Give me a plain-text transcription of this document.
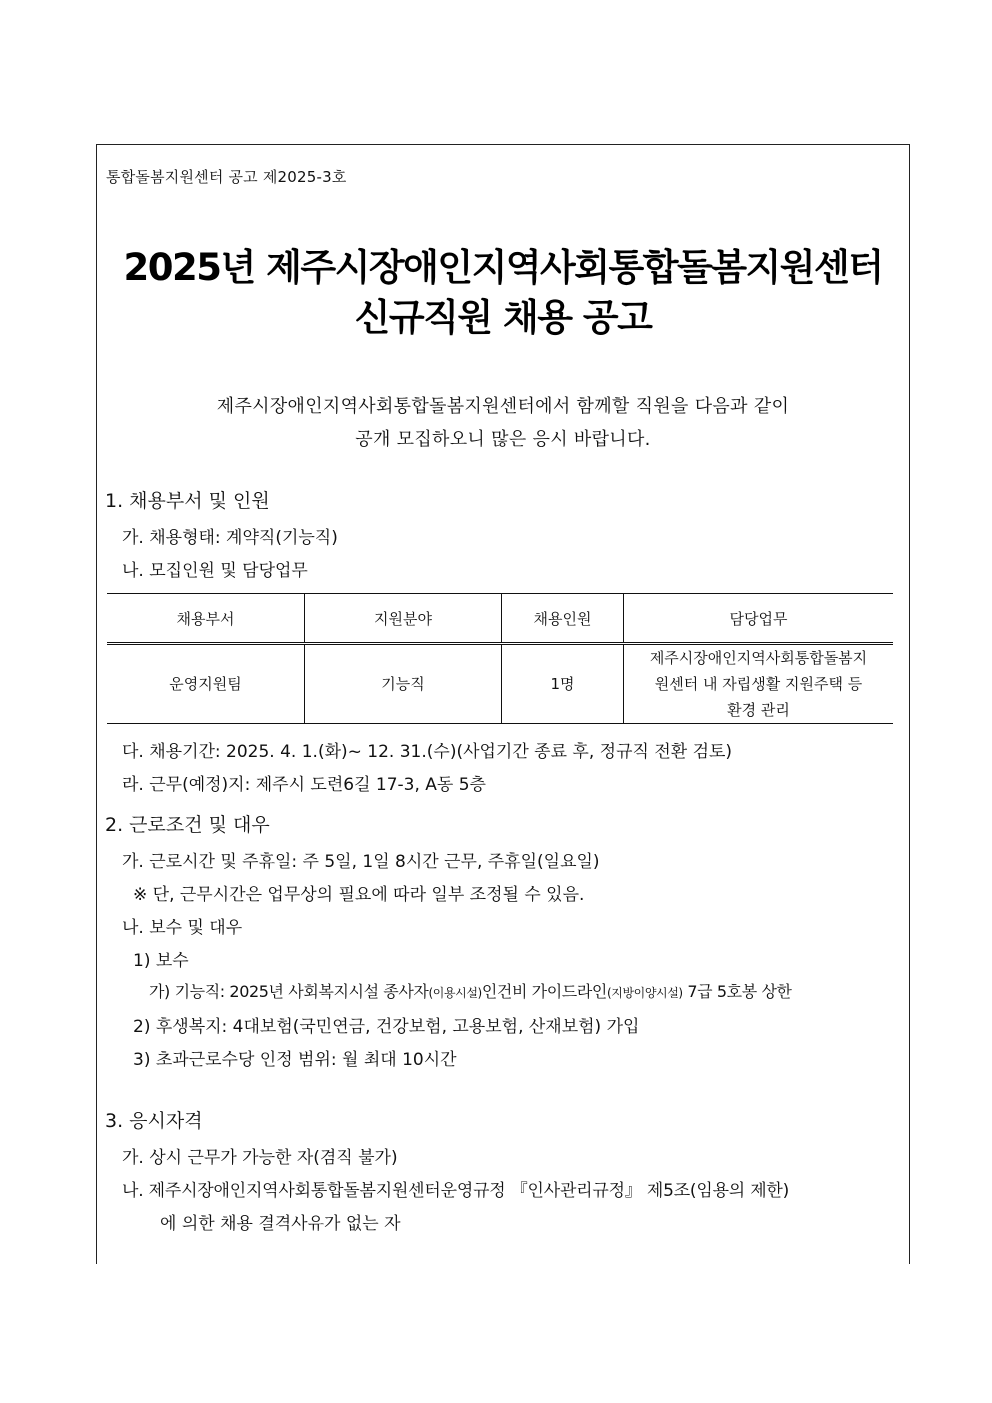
통합돌봄지원센터 공고 제2025-3호
2025년 제주시장애인지역사회통합돌봄지원센터
신규직원 채용 공고
제주시장애인지역사회통합돌봄지원센터에서 함께할 직원을 다음과 같이
공개 모집하오니 많은 응시 바랍니다.
1. 채용부서 및 인원
가. 채용형태: 계약직(기능직)
나. 모집인원 및 담당업무
채용부서	지원분야	채용인원	담당업무
운영지원팀	기능직	1명	제주시장애인지역사회통합돌봄지
원센터 내 자립생활 지원주택 등
환경 관리
다. 채용기간: 2025. 4. 1.(화)~ 12. 31.(수)(사업기간 종료 후, 정규직 전환 검토)
라. 근무(예정)지: 제주시 도련6길 17-3, A동 5층
2. 근로조건 및 대우
가. 근로시간 및 주휴일: 주 5일, 1일 8시간 근무, 주휴일(일요일)
※ 단, 근무시간은 업무상의 필요에 따라 일부 조정될 수 있음.
나. 보수 및 대우
1) 보수
가) 기능직: 2025년 사회복지시설 종사자(이용시설)인건비 가이드라인(지방이양시설) 7급 5호봉 상한
2) 후생복지: 4대보험(국민연금, 건강보험, 고용보험, 산재보험) 가입
3) 초과근로수당 인정 범위: 월 최대 10시간
3. 응시자격
가. 상시 근무가 가능한 자(겸직 불가)
나. 제주시장애인지역사회통합돌봄지원센터운영규정 『인사관리규정』 제5조(임용의 제한)
에 의한 채용 결격사유가 없는 자
